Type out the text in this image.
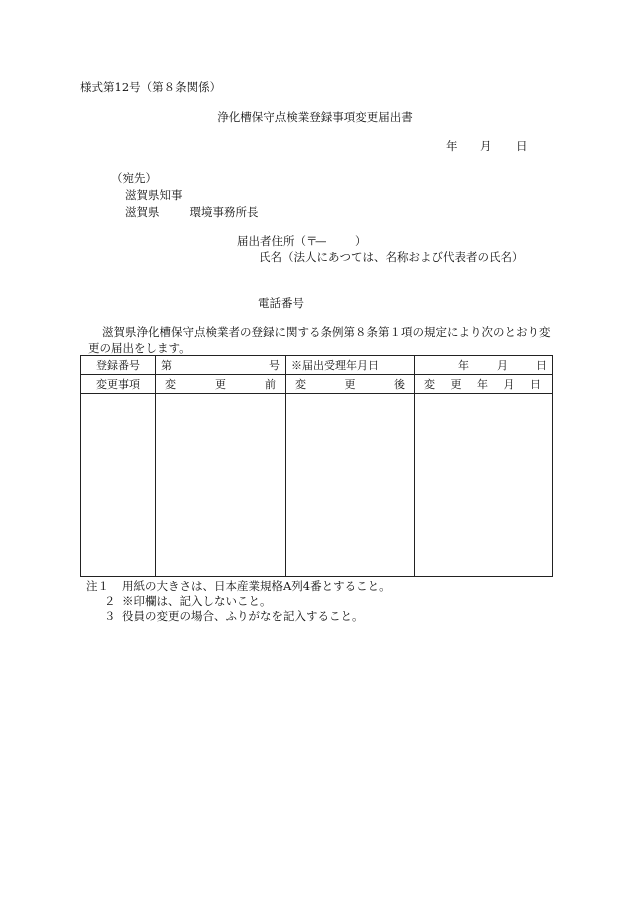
様式第12号（第８条関係）
浄化槽保守点検業登録事項変更届出書
年 月 日
（宛先）
滋賀県知事
滋賀県	環境事務所長
届出者住所（〒— ）
氏名（法人にあつては、名称および代表者の氏名）
電話番号
滋賀県浄化槽保守点検業者の登録に関する条例第８条第１項の規定により次のとおり変更の届出をします。
登録番号	第 号	※届出受理年月日	年 月 日

変更事項	変 更 前	変 更 後	変 更 年 月 日

注１ 用紙の大きさは、日本産業規格A列4番とすること。
２ ※印欄は、記入しないこと。
３ 役員の変更の場合、ふりがなを記入すること。
